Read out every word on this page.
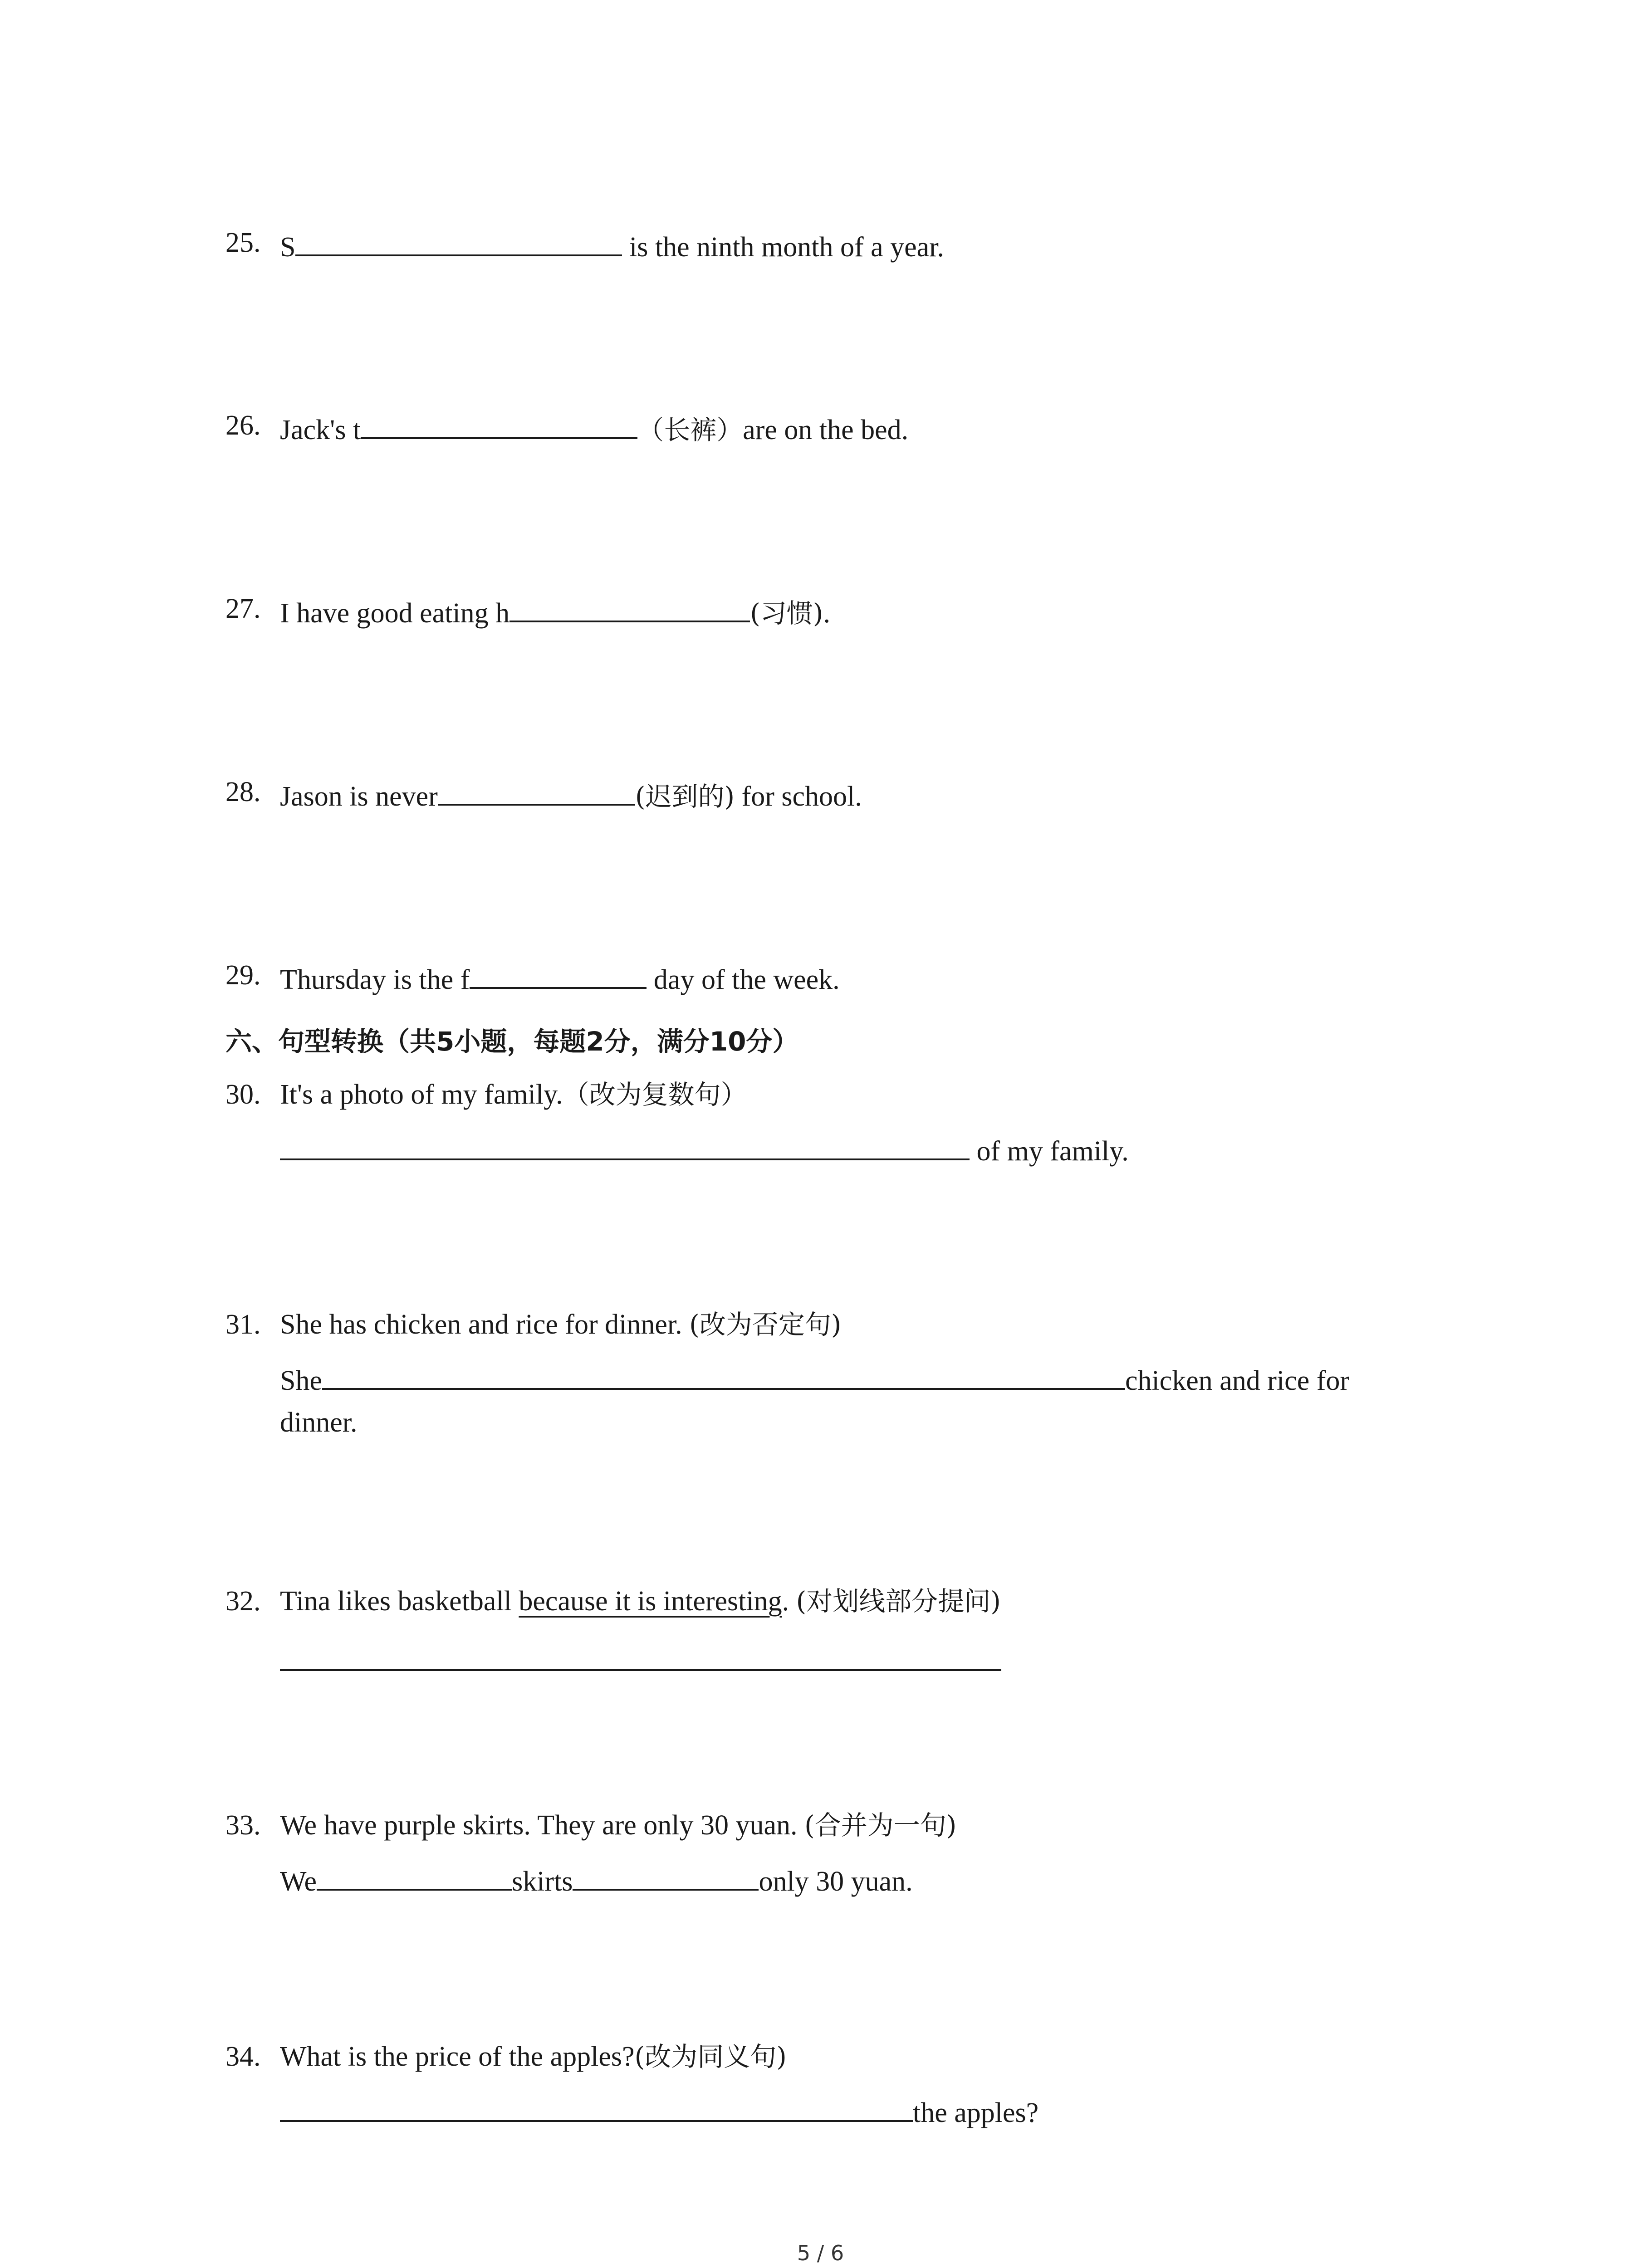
25. S	is the ninth month of a year.
26. Jack's t	（长裤）are on the bed.
27. I have good eating h	(习惯).
28. Jason is never	(迟到的) for school.
29. Thursday is the f	day of the week.
六、句型转换（共5小题，每题2分，满分10分）
30. It's a photo of my family.（改为复数句）
of my family.
31. She has chicken and rice for dinner. (改为否定句)
She	chicken and rice for
dinner.
32. Tina likes basketball because it is interesting. (对划线部分提问)
33. We have purple skirts. They are only 30 yuan. (合并为一句)
We	skirts	only 30 yuan.
34. What is the price of the apples?(改为同义句)
the apples?
5 / 6
